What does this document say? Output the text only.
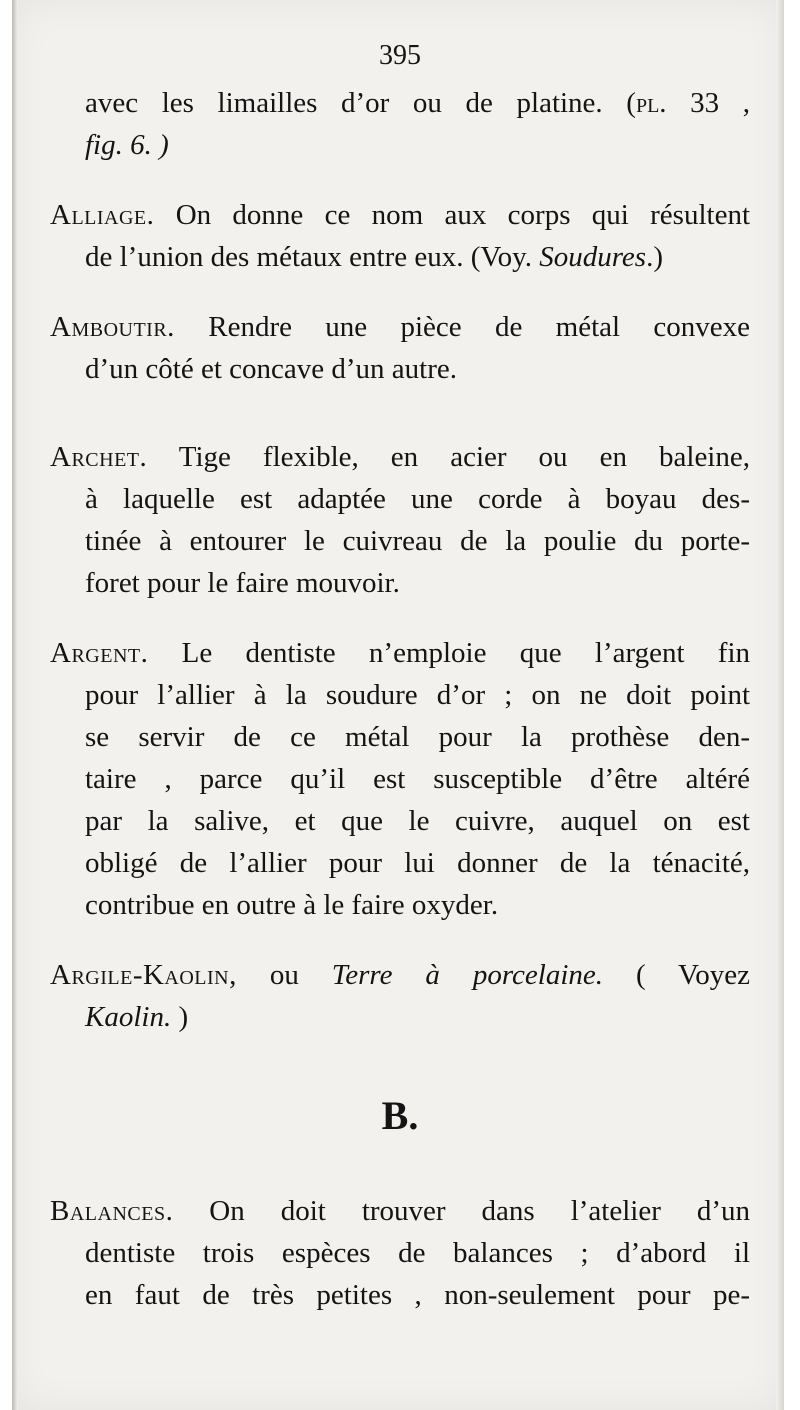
395
avec les limailles d’or ou de platine. (pl. 33 ,
fig. 6. )
Alliage. On donne ce nom aux corps qui résultent
de l’union des métaux entre eux. (Voy. Soudures.)
Amboutir. Rendre une pièce de métal convexe
d’un côté et concave d’un autre.
Archet. Tige flexible, en acier ou en baleine,
à laquelle est adaptée une corde à boyau des-
tinée à entourer le cuivreau de la poulie du porte-
foret pour le faire mouvoir.
Argent. Le dentiste n’emploie que l’argent fin
pour l’allier à la soudure d’or ; on ne doit point
se servir de ce métal pour la prothèse den-
taire , parce qu’il est susceptible d’être altéré
par la salive, et que le cuivre, auquel on est
obligé de l’allier pour lui donner de la ténacité,
contribue en outre à le faire oxyder.
Argile-Kaolin, ou Terre à porcelaine. ( Voyez
Kaolin. )
B.
Balances. On doit trouver dans l’atelier d’un
dentiste trois espèces de balances ; d’abord il
en faut de très petites , non-seulement pour pe-
